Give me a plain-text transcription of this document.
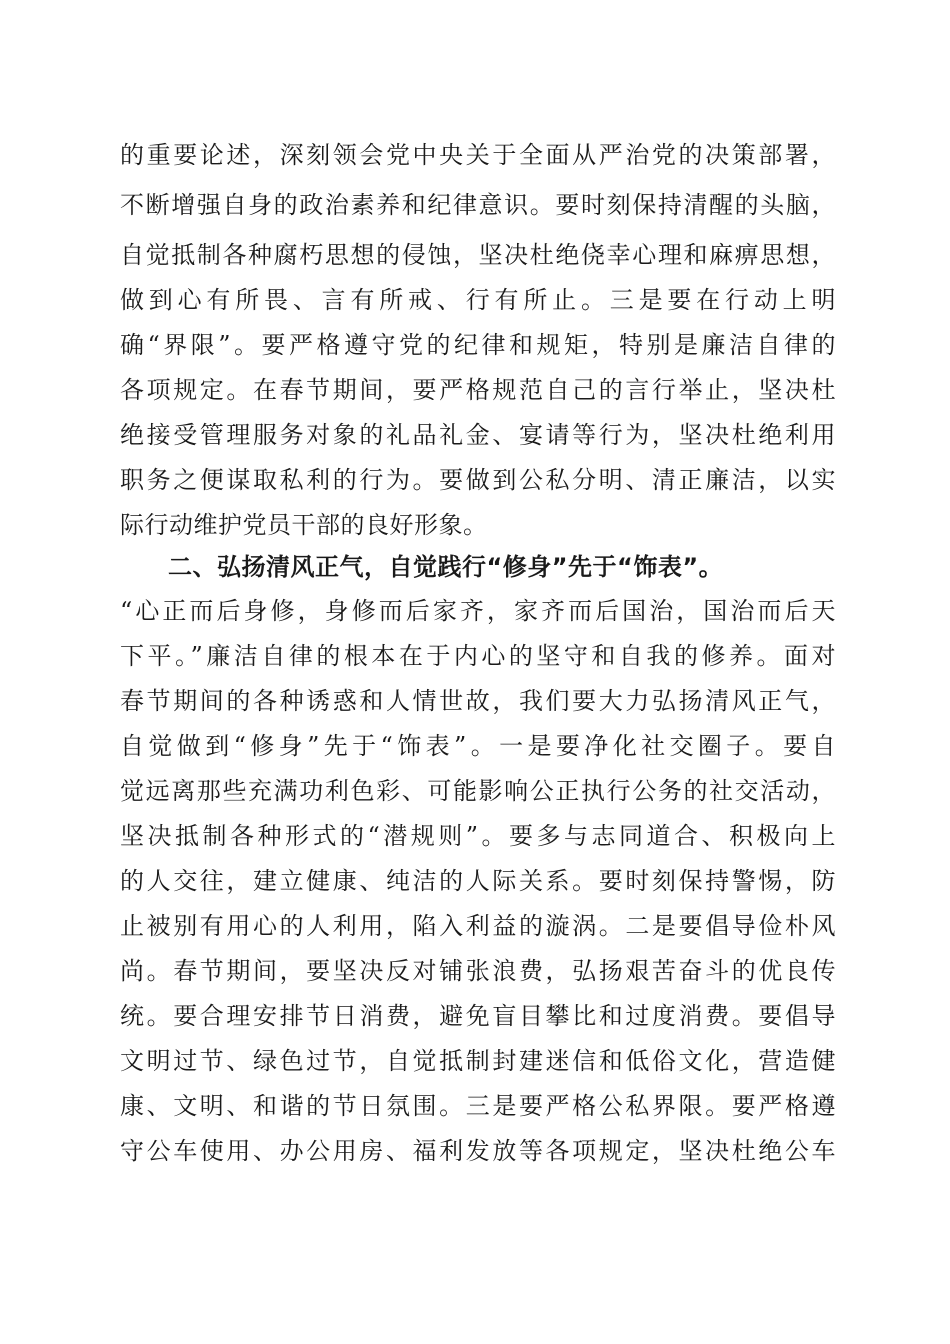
的重要论述，深刻领会党中央关于全面从严治党的决策部署，
不断增强自身的政治素养和纪律意识。要时刻保持清醒的头脑，
自觉抵制各种腐朽思想的侵蚀，坚决杜绝侥幸心理和麻痹思想，
做到心有所畏、言有所戒、行有所止。三是要在行动上明
确“界限”。要严格遵守党的纪律和规矩，特别是廉洁自律的
各项规定。在春节期间，要严格规范自己的言行举止，坚决杜
绝接受管理服务对象的礼品礼金、宴请等行为，坚决杜绝利用
职务之便谋取私利的行为。要做到公私分明、清正廉洁，以实
际行动维护党员干部的良好形象。
二、弘扬清风正气，自觉践行“修身”先于“饰表”。
“心正而后身修，身修而后家齐，家齐而后国治，国治而后天
下平。”廉洁自律的根本在于内心的坚守和自我的修养。面对
春节期间的各种诱惑和人情世故，我们要大力弘扬清风正气，
自觉做到“修身”先于“饰表”。一是要净化社交圈子。要自
觉远离那些充满功利色彩、可能影响公正执行公务的社交活动，
坚决抵制各种形式的“潜规则”。要多与志同道合、积极向上
的人交往，建立健康、纯洁的人际关系。要时刻保持警惕，防
止被别有用心的人利用，陷入利益的漩涡。二是要倡导俭朴风
尚。春节期间，要坚决反对铺张浪费，弘扬艰苦奋斗的优良传
统。要合理安排节日消费，避免盲目攀比和过度消费。要倡导
文明过节、绿色过节，自觉抵制封建迷信和低俗文化，营造健
康、文明、和谐的节日氛围。三是要严格公私界限。要严格遵
守公车使用、办公用房、福利发放等各项规定，坚决杜绝公车
